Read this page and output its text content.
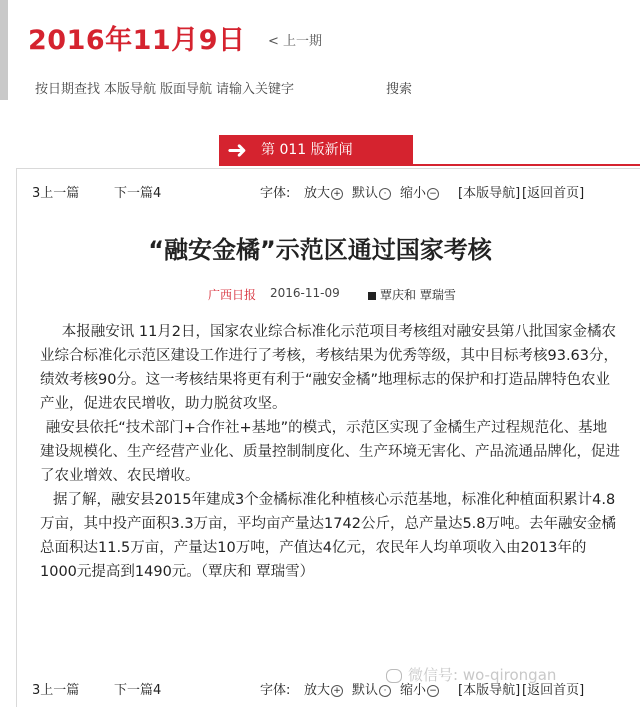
2016年11月9日 < 上一期
按日期查找 本版导航 版面导航 请输入关键字	搜索
➜ 第 011 版新闻
3上一篇	下一篇4	字体: 放大 + 默认 ·	缩小 − [本版导航] [返回首页]
“融安金橘”示范区通过国家考核
广西日报 2016-11-09	覃庆和 覃瑞雪

本报融安讯 11月2日，国家农业综合标准化示范项目考核组对融安县第八批国家金橘农业综合标准化示范区建设工作进行了考核，考核结果为优秀等级，其中目标考核93.63分，绩效考核90分。这一考核结果将更有利于“融安金橘”地理标志的保护和打造品牌特色农业产业，促进农民增收，助力脱贫攻坚。

融安县依托“技术部门+合作社+基地”的模式，示范区实现了金橘生产过程规范化、基地建设规模化、生产经营产业化、质量控制制度化、生产环境无害化、产品流通品牌化，促进了农业增效、农民增收。

据了解，融安县2015年建成3个金橘标准化种植核心示范基地，标准化种植面积累计4.8万亩，其中投产面积3.3万亩，平均亩产量达1742公斤，总产量达5.8万吨。去年融安金橘总面积达11.5万亩，产量达10万吨，产值达4亿元，农民年人均单项收入由2013年的1000元提高到1490元。（覃庆和 覃瑞雪）

3上一篇	下一篇4	字体: 放大 + 默认 ·	缩小 − [本版导航] [返回首页]
微信号: wo-qirongan
